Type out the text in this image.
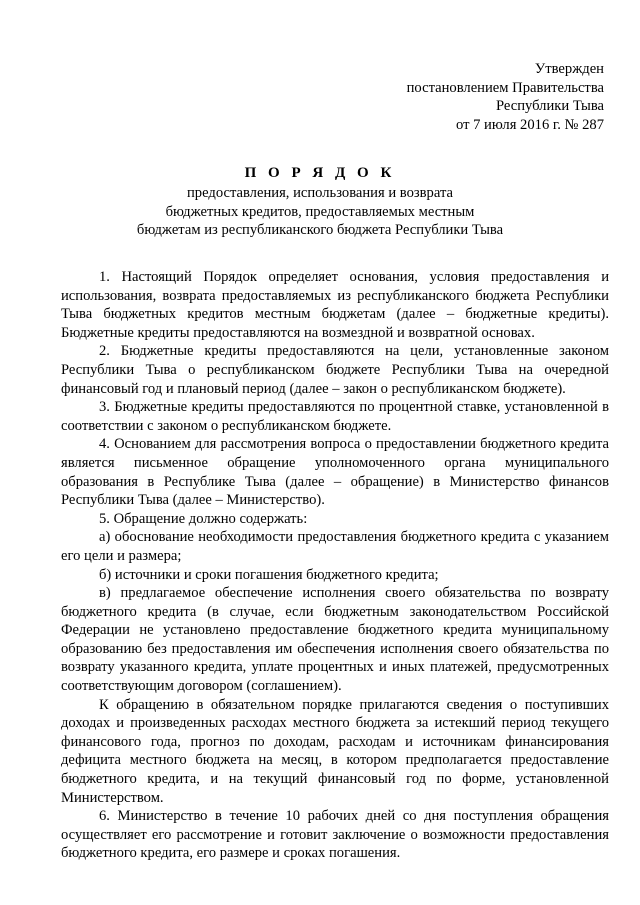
Утвержден
постановлением Правительства
Республики Тыва
от 7 июля 2016 г. № 287
П О Р Я Д О К
предоставления, использования и возврата
бюджетных кредитов, предоставляемых местным
бюджетам из республиканского бюджета Республики Тыва

1. Настоящий Порядок определяет основания, условия предоставления и использования, возврата предоставляемых из республиканского бюджета Республики Тыва бюджетных кредитов местным бюджетам (далее – бюджетные кредиты). Бюджетные кредиты предоставляются на возмездной и возвратной основах.

2. Бюджетные кредиты предоставляются на цели, установленные законом Республики Тыва о республиканском бюджете Республики Тыва на очередной финансовый год и плановый период (далее – закон о республиканском бюджете).

3. Бюджетные кредиты предоставляются по процентной ставке, установленной в соответствии с законом о республиканском бюджете.

4. Основанием для рассмотрения вопроса о предоставлении бюджетного кредита является письменное обращение уполномоченного органа муниципального образования в Республике Тыва (далее – обращение) в Министерство финансов Республики Тыва (далее – Министерство).

5. Обращение должно содержать:

а) обоснование необходимости предоставления бюджетного кредита с указанием его цели и размера;

б) источники и сроки погашения бюджетного кредита;

в) предлагаемое обеспечение исполнения своего обязательства по возврату бюджетного кредита (в случае, если бюджетным законодательством Российской Федерации не установлено предоставление бюджетного кредита муниципальному образованию без предоставления им обеспечения исполнения своего обязательства по возврату указанного кредита, уплате процентных и иных платежей, предусмотренных соответствующим договором (соглашением).

К обращению в обязательном порядке прилагаются сведения о поступивших доходах и произведенных расходах местного бюджета за истекший период текущего финансового года, прогноз по доходам, расходам и источникам финансирования дефицита местного бюджета на месяц, в котором предполагается предоставление бюджетного кредита, и на текущий финансовый год по форме, установленной Министерством.

6. Министерство в течение 10 рабочих дней со дня поступления обращения осуществляет его рассмотрение и готовит заключение о возможности предоставления бюджетного кредита, его размере и сроках погашения.
